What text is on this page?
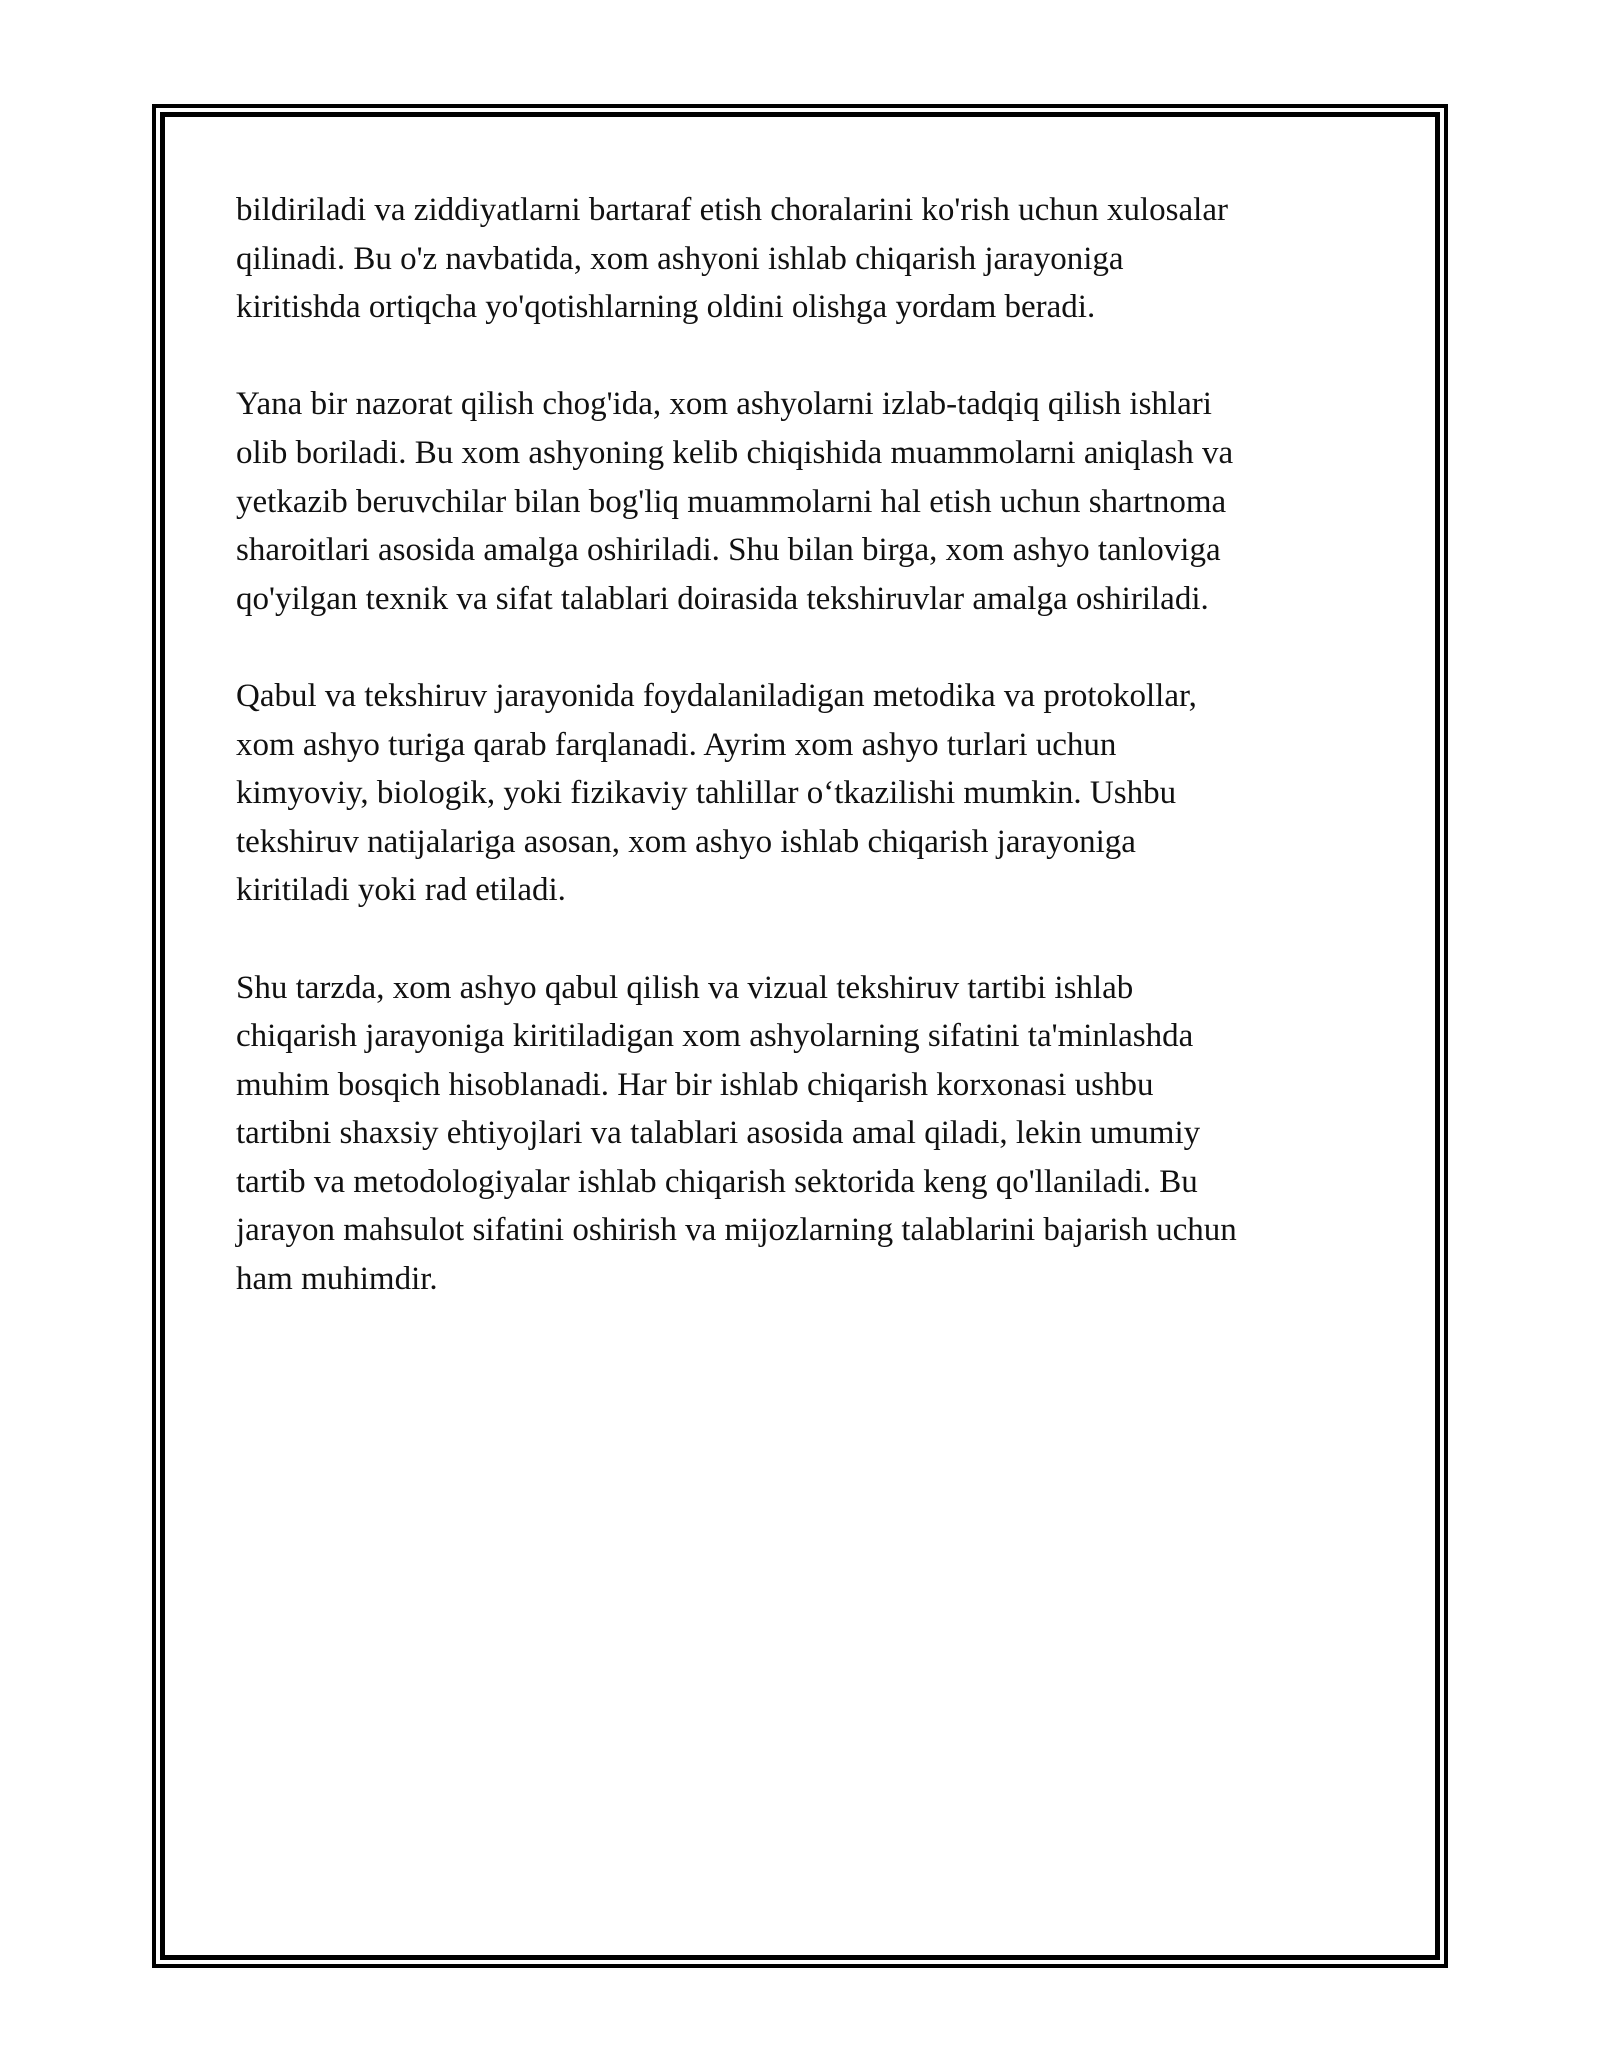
bildiriladi va ziddiyatlarni bartaraf etish choralarini ko'rish uchun xulosalar
qilinadi. Bu o'z navbatida, xom ashyoni ishlab chiqarish jarayoniga
kiritishda ortiqcha yo'qotishlarning oldini olishga yordam beradi.

Yana bir nazorat qilish chog'ida, xom ashyolarni izlab-tadqiq qilish ishlari
olib boriladi. Bu xom ashyoning kelib chiqishida muammolarni aniqlash va
yetkazib beruvchilar bilan bog'liq muammolarni hal etish uchun shartnoma
sharoitlari asosida amalga oshiriladi. Shu bilan birga, xom ashyo tanloviga
qo'yilgan texnik va sifat talablari doirasida tekshiruvlar amalga oshiriladi.

Qabul va tekshiruv jarayonida foydalaniladigan metodika va protokollar,
xom ashyo turiga qarab farqlanadi. Ayrim xom ashyo turlari uchun
kimyoviy, biologik, yoki fizikaviy tahlillar o‘tkazilishi mumkin. Ushbu
tekshiruv natijalariga asosan, xom ashyo ishlab chiqarish jarayoniga
kiritiladi yoki rad etiladi.

Shu tarzda, xom ashyo qabul qilish va vizual tekshiruv tartibi ishlab
chiqarish jarayoniga kiritiladigan xom ashyolarning sifatini ta'minlashda
muhim bosqich hisoblanadi. Har bir ishlab chiqarish korxonasi ushbu
tartibni shaxsiy ehtiyojlari va talablari asosida amal qiladi, lekin umumiy
tartib va metodologiyalar ishlab chiqarish sektorida keng qo'llaniladi. Bu
jarayon mahsulot sifatini oshirish va mijozlarning talablarini bajarish uchun
ham muhimdir.
